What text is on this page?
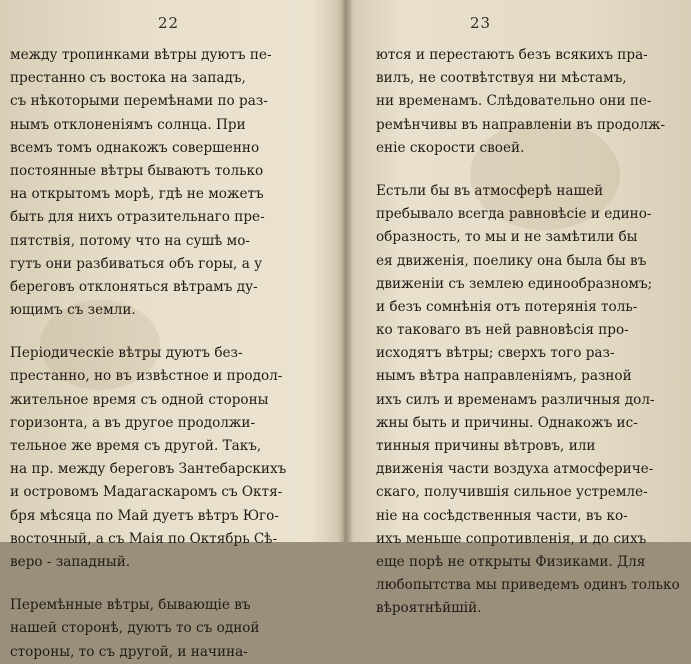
22
между тропинками вѣтры дуютъ пе-
престанно съ востока на западъ,
съ нѣкоторыми перемѣнами по раз-
нымъ отклоненiямъ солнца. При
всемъ томъ однакожъ совершенно
постоянные вѣтры бываютъ только
на открытомъ морѣ, гдѣ не можетъ
быть для нихъ отразительнаго пре-
пятствiя, потому что на сушѣ мо-
гутъ они разбиваться объ горы, а у
береговъ отклоняться вѣтрамъ ду-
ющимъ съ земли.
Перiодическiе вѣтры дуютъ без-
престанно, но въ извѣстное и продол-
жительное время съ одной стороны
горизонта, а въ другое продолжи-
тельное же время съ другой. Такъ,
на пр. между береговъ Зантебарскихъ
и островомъ Мадагаскаромъ съ Октя-
бря мѣсяца по Май дуетъ вѣтръ Юго-
восточный, а съ Маiя по Октябрь Сѣ-
веро - западный.
Перемѣнные вѣтры, бывающiе въ
нашей сторонѣ, дуютъ то съ одной
стороны, то съ другой, и начина-
23
ются и перестаютъ безъ всякихъ пра-
вилъ, не соотвѣтствуя ни мѣстамъ,
ни временамъ. Слѣдовательно они пе-
ремѣнчивы въ направленiи въ продолж-
енiе скорости своей.
Естьли бы въ атмосферѣ нашей
пребывало всегда равновѣсiе и едино-
образность, то мы и не замѣтили бы
ея движенiя, поелику она была бы въ
движенiи съ землею единообразномъ;
и безъ сомнѣнiя отъ потерянiя толь-
ко таковаго въ ней равновѣсiя про-
исходятъ вѣтры; сверхъ того раз-
нымъ вѣтра направленiямъ, разной
ихъ силъ и временамъ различныя дол-
жны быть и причины. Однакожъ ис-
тинныя причины вѣтровъ, или
движенiя части воздуха атмосфериче-
скаго, получившiя сильное устремле-
нiе на сосѣдственныя части, въ ко-
ихъ меньше сопротивленiя, и до сихъ
еще порѣ не открыты Физиками. Для
любопытства мы приведемъ одинъ только
вѣроятнѣйшiй.
